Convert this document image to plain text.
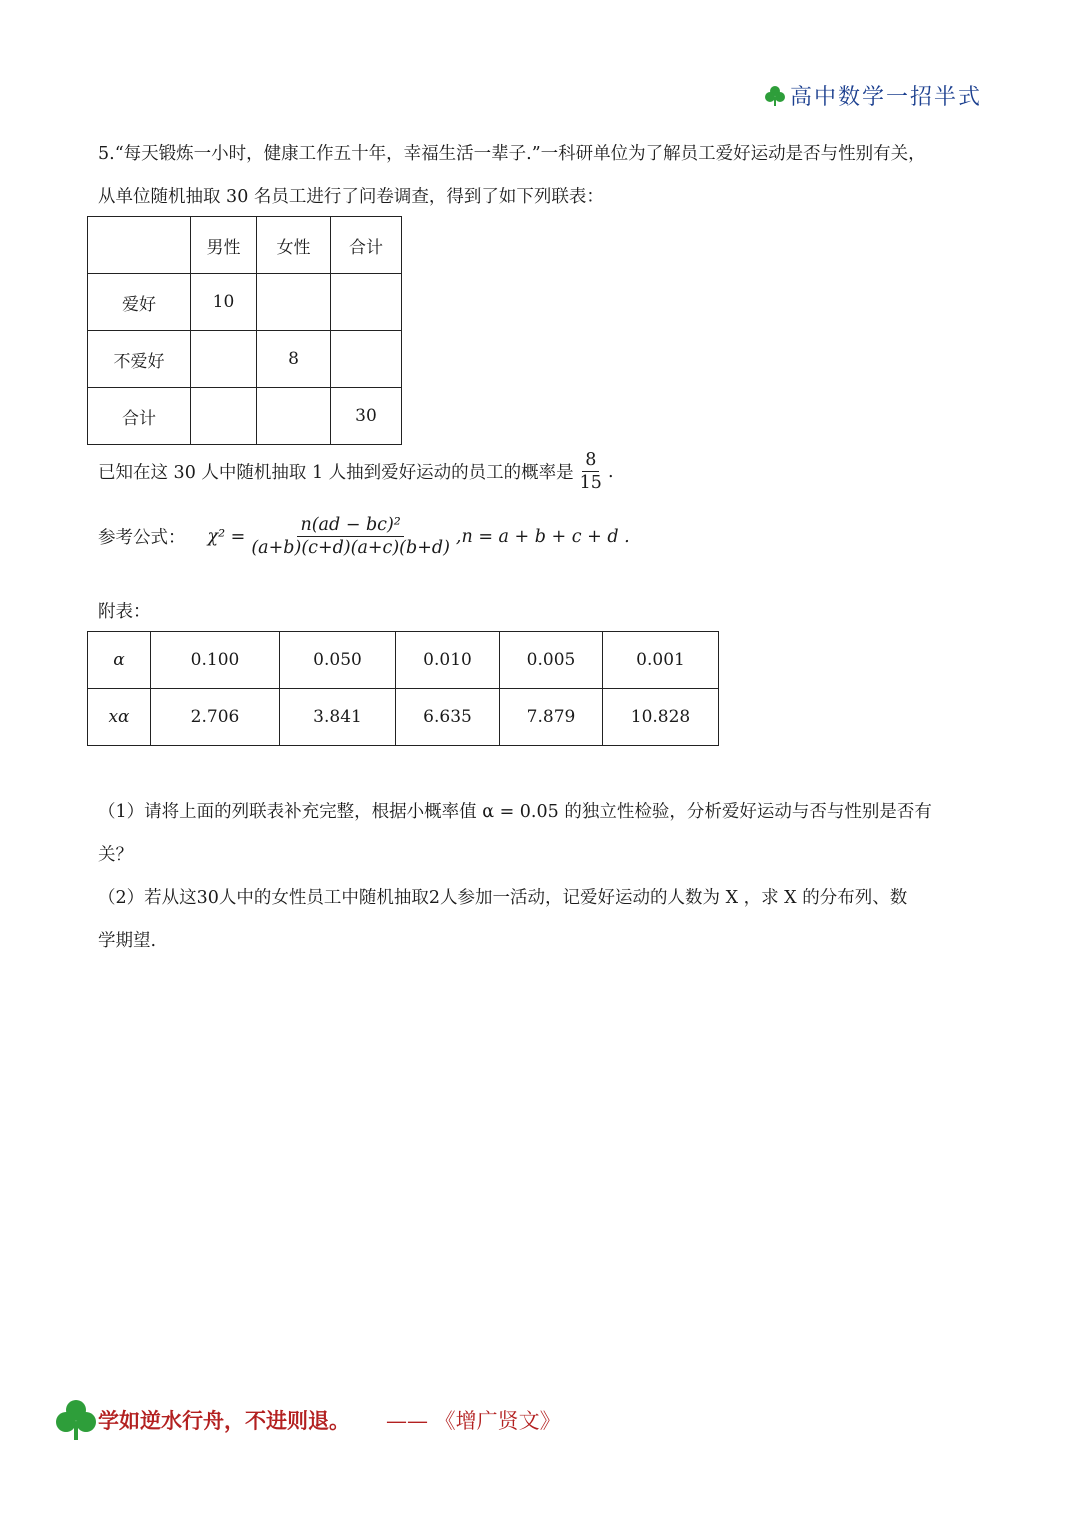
高中数学一招半式
5.“每天锻炼一小时，健康工作五十年，幸福生活一辈子.”一科研单位为了解员工爱好运动是否与性别有关，
从单位随机抽取 30 名员工进行了问卷调查，得到了如下列联表：
	男性	女性	合计
爱好	10		
不爱好		8	
合计			30
已知在这 30 人中随机抽取 1 人抽到爱好运动的员工的概率是 $\frac{8}{15}$ .
参考公式： $\chi^2 = \frac{\text{n(ad − bc)²}}{(a+b)(c+d)(a+c)(b+d)} ,n = a + b + c + d$ .
附表：
α	0.100	0.050	0.010	0.005	0.001
xα	2.706	3.841	6.635	7.879	10.828
（1）请将上面的列联表补充完整，根据小概率值 α = 0.05 的独立性检验，分析爱好运动与否与性别是否有
关？
（2）若从这30人中的女性员工中随机抽取2人参加一活动，记爱好运动的人数为 X ，求 X 的分布列、数
学期望.
学如逆水行舟，不进则退。 —— 《增广贤文》
